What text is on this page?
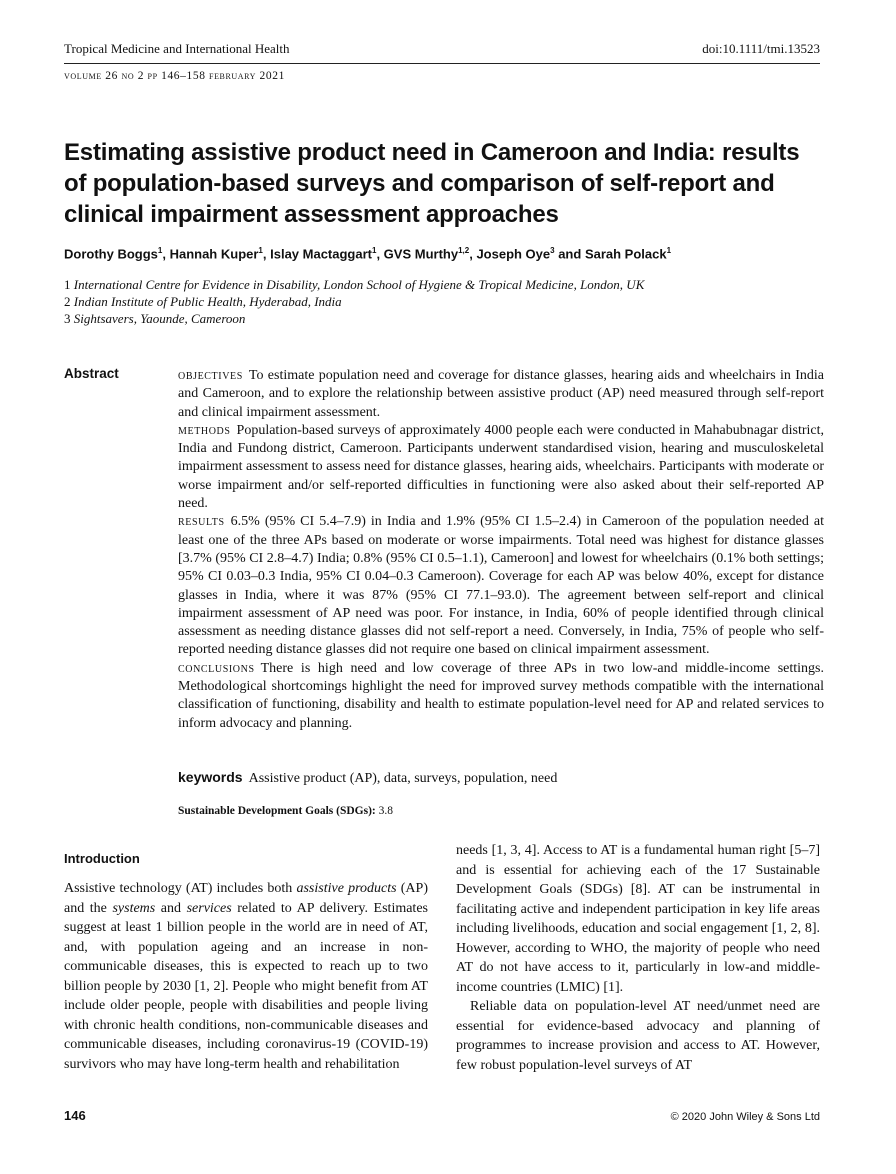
Tropical Medicine and International Health	doi:10.1111/tmi.13523
volume 26 no 2 pp 146–158 february 2021
Estimating assistive product need in Cameroon and India: results of population-based surveys and comparison of self-report and clinical impairment assessment approaches
Dorothy Boggs$^1$, Hannah Kuper$^1$, Islay Mactaggart$^1$, GVS Murthy$^{1,2}$, Joseph Oye$^3$ and Sarah Polack$^1$
1 International Centre for Evidence in Disability, London School of Hygiene & Tropical Medicine, London, UK
2 Indian Institute of Public Health, Hyderabad, India
3 Sightsavers, Yaounde, Cameroon
Abstract	objectives To estimate population need and coverage for distance glasses, hearing aids and wheelchairs in India and Cameroon, and to explore the relationship between assistive product (AP) need measured through self-report and clinical impairment assessment.

methods Population-based surveys of approximately 4000 people each were conducted in Mahabubnagar district, India and Fundong district, Cameroon. Participants underwent standardised vision, hearing and musculoskeletal impairment assessment to assess need for distance glasses, hearing aids, wheelchairs. Participants with moderate or worse impairment and/or self-reported difficulties in functioning were also asked about their self-reported AP need.

results 6.5% (95% CI 5.4–7.9) in India and 1.9% (95% CI 1.5–2.4) in Cameroon of the population needed at least one of the three APs based on moderate or worse impairments. Total need was highest for distance glasses [3.7% (95% CI 2.8–4.7) India; 0.8% (95% CI 0.5–1.1), Cameroon] and lowest for wheelchairs (0.1% both settings; 95% CI 0.03–0.3 India, 95% CI 0.04–0.3 Cameroon). Coverage for each AP was below 40%, except for distance glasses in India, where it was 87% (95% CI 77.1–93.0). The agreement between self-report and clinical impairment assessment of AP need was poor. For instance, in India, 60% of people identified through clinical assessment as needing distance glasses did not self-report a need. Conversely, in India, 75% of people who self-reported needing distance glasses did not require one based on clinical impairment assessment.

conclusions There is high need and low coverage of three APs in two low-and middle-income settings. Methodological shortcomings highlight the need for improved survey methods compatible with the international classification of functioning, disability and health to estimate population-level need for AP and related services to inform advocacy and planning.

keywords Assistive product (AP), data, surveys, population, need
Sustainable Development Goals (SDGs): 3.8
Introduction

Assistive technology (AT) includes both assistive products (AP) and the systems and services related to AP delivery. Estimates suggest at least 1 billion people in the world are in need of AT, and, with population ageing and an increase in non-communicable diseases, this is expected to reach up to two billion people by 2030 [1, 2]. People who might benefit from AT include older people, people with disabilities and people living with chronic health conditions, non-communicable diseases and communicable diseases, including coronavirus-19 (COVID-19) survivors who may have long-term health and rehabilitation

needs [1, 3, 4]. Access to AT is a fundamental human right [5–7] and is essential for achieving each of the 17 Sustainable Development Goals (SDGs) [8]. AT can be instrumental in facilitating active and independent participation in key life areas including livelihoods, education and social engagement [1, 2, 8]. However, according to WHO, the majority of people who need AT do not have access to it, particularly in low-and middle-income countries (LMIC) [1].

Reliable data on population-level AT need/unmet need are essential for evidence-based advocacy and planning of programmes to increase provision and access to AT. However, few robust population-level surveys of AT

146	© 2020 John Wiley & Sons Ltd
